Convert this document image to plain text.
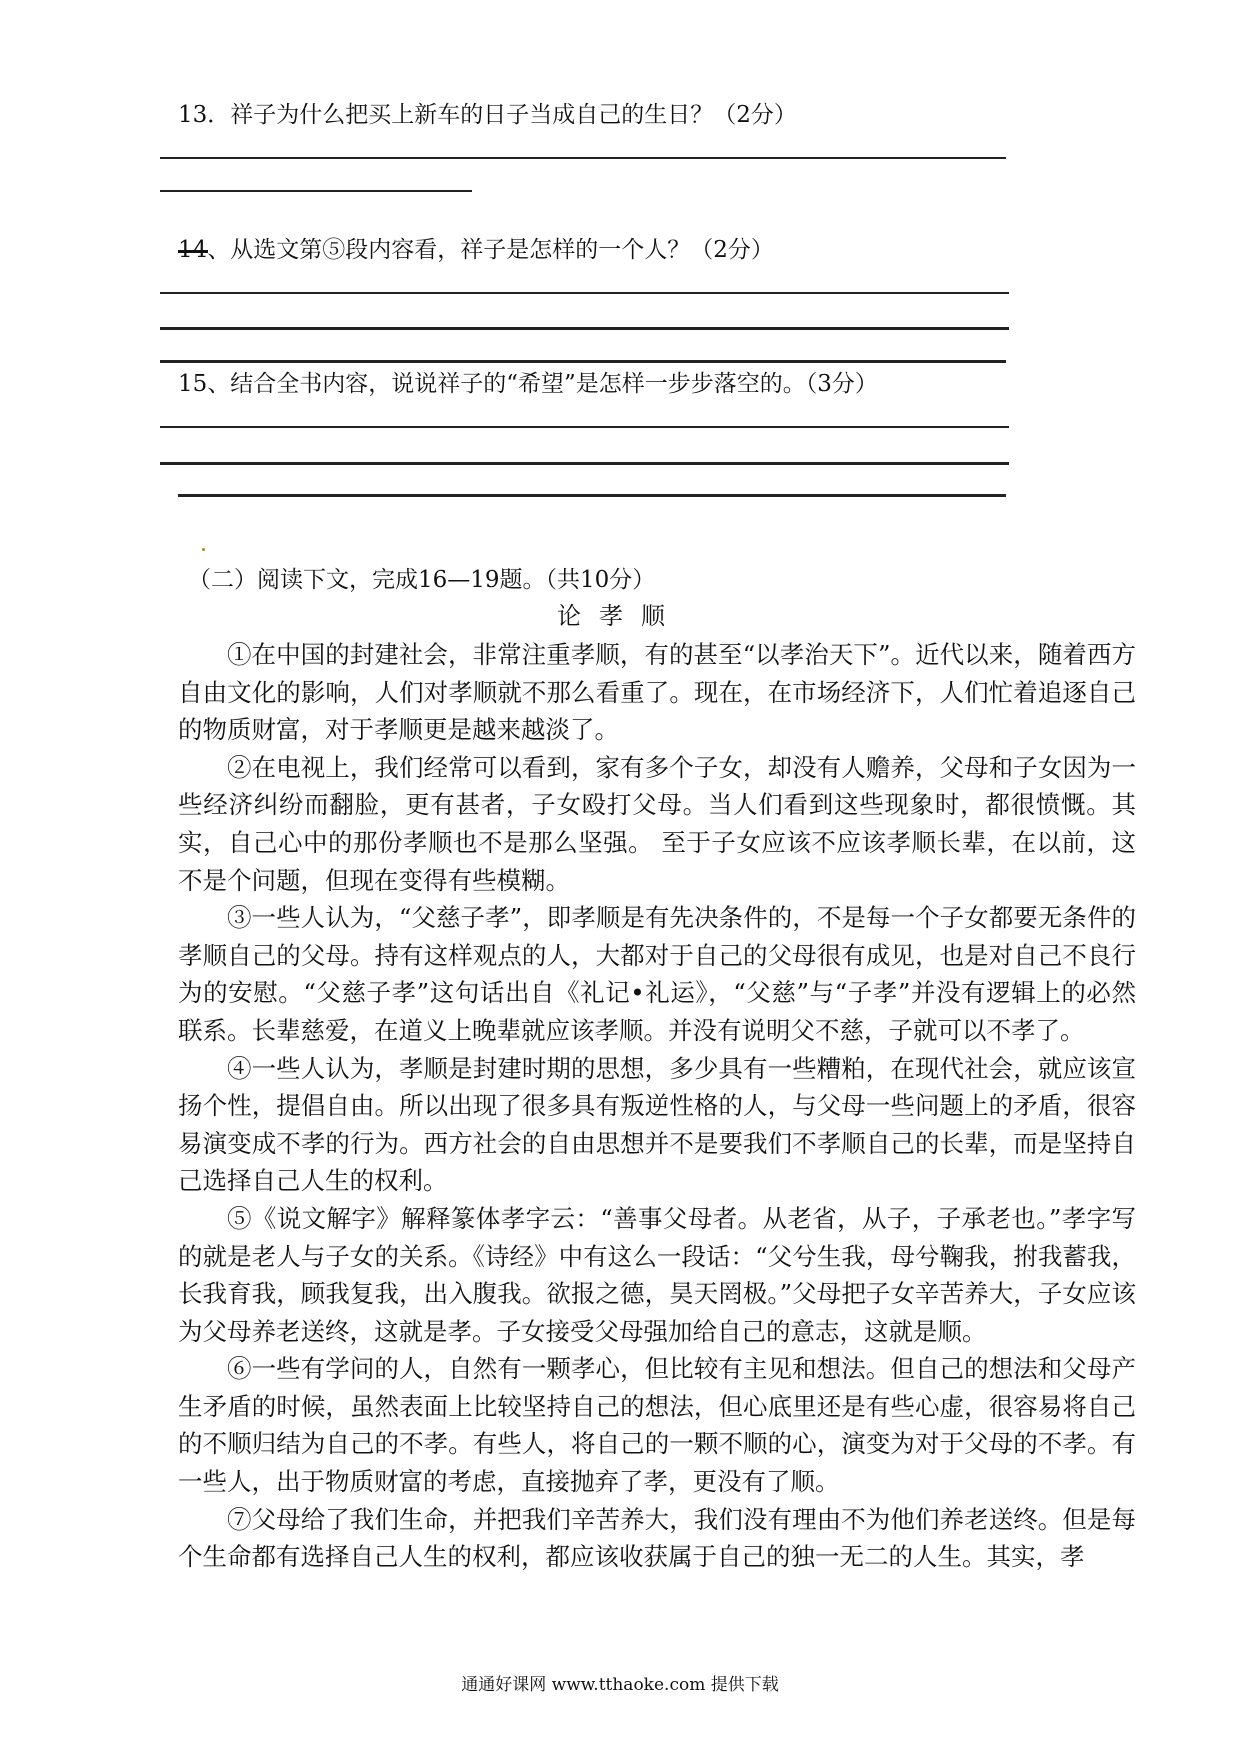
13．祥子为什么把买上新车的日子当成自己的生日？（2分）
14、从选文第⑤段内容看，祥子是怎样的一个人？（2分）
15、结合全书内容，说说祥子的“希望”是怎样一步步落空的。（3分）
（二）阅读下文，完成16—19题。（共10分）
论孝顺

①在中国的封建社会，非常注重孝顺，有的甚至“以孝治天下”。近代以来，随着西方自由文化的影响，人们对孝顺就不那么看重了。现在，在市场经济下，人们忙着追逐自己的物质财富，对于孝顺更是越来越淡了。

②在电视上，我们经常可以看到，家有多个子女，却没有人赡养，父母和子女因为一些经济纠纷而翻脸，更有甚者，子女殴打父母。当人们看到这些现象时，都很愤慨。其实，自己心中的那份孝顺也不是那么坚强。 至于子女应该不应该孝顺长辈，在以前，这不是个问题，但现在变得有些模糊。

③一些人认为，“父慈子孝”，即孝顺是有先决条件的，不是每一个子女都要无条件的孝顺自己的父母。持有这样观点的人，大都对于自己的父母很有成见，也是对自己不良行为的安慰。“父慈子孝”这句话出自《礼记•礼运》，“父慈”与“子孝”并没有逻辑上的必然联系。长辈慈爱，在道义上晚辈就应该孝顺。并没有说明父不慈，子就可以不孝了。

④一些人认为，孝顺是封建时期的思想，多少具有一些糟粕，在现代社会，就应该宣扬个性，提倡自由。所以出现了很多具有叛逆性格的人，与父母一些问题上的矛盾，很容易演变成不孝的行为。西方社会的自由思想并不是要我们不孝顺自己的长辈，而是坚持自己选择自己人生的权利。

⑤《说文解字》解释篆体孝字云：“善事父母者。从老省，从子，子承老也。”孝字写的就是老人与子女的关系。《诗经》中有这么一段话：“父兮生我，母兮鞠我，拊我蓄我，长我育我，顾我复我，出入腹我。欲报之德，昊天罔极。”父母把子女辛苦养大，子女应该为父母养老送终，这就是孝。子女接受父母强加给自己的意志，这就是顺。

⑥一些有学问的人，自然有一颗孝心，但比较有主见和想法。但自己的想法和父母产生矛盾的时候，虽然表面上比较坚持自己的想法，但心底里还是有些心虚，很容易将自己的不顺归结为自己的不孝。有些人，将自己的一颗不顺的心，演变为对于父母的不孝。有一些人，出于物质财富的考虑，直接抛弃了孝，更没有了顺。

⑦父母给了我们生命，并把我们辛苦养大，我们没有理由不为他们养老送终。但是每个生命都有选择自己人生的权利，都应该收获属于自己的独一无二的人生。其实，孝

通通好课网 www.tthaoke.com 提供下载
